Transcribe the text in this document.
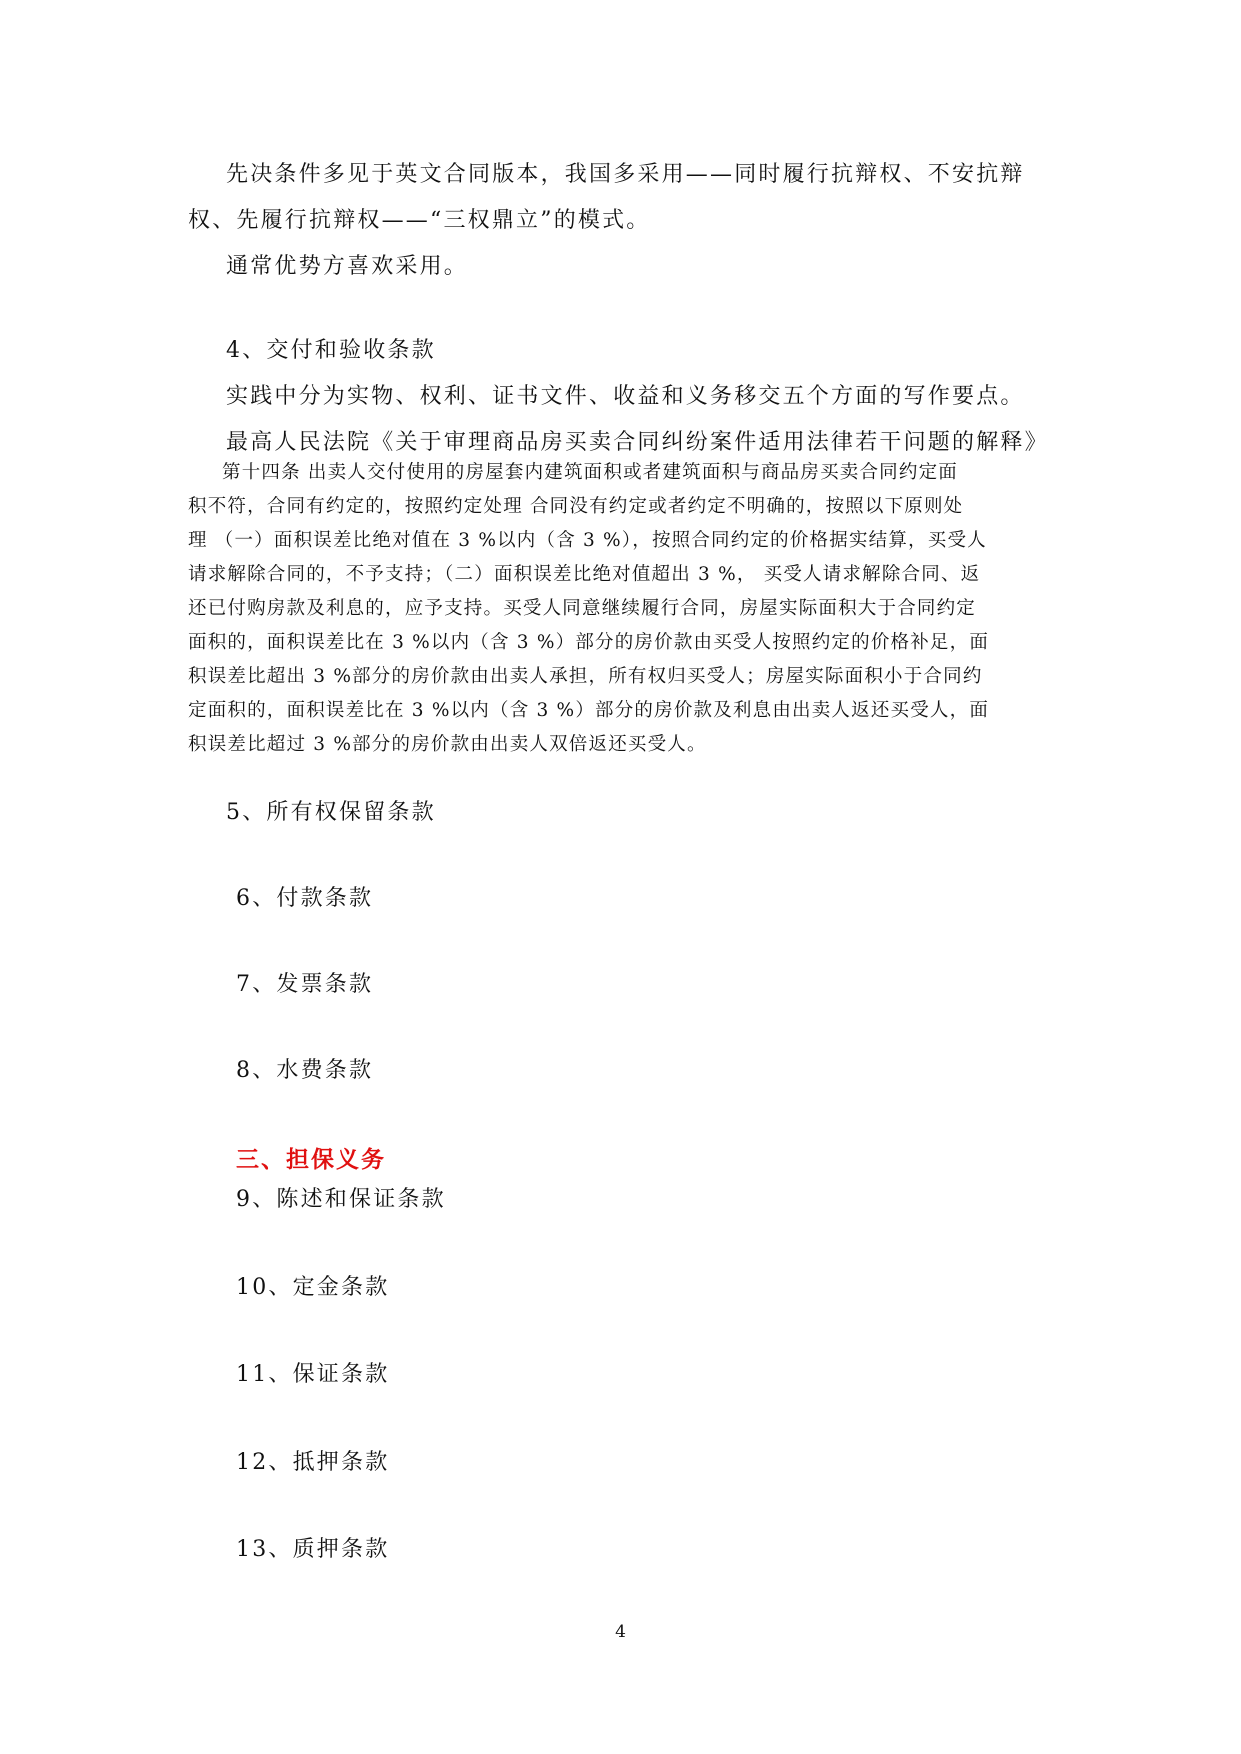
先决条件多见于英文合同版本，我国多采用——同时履行抗辩权、不安抗辩
权、先履行抗辩权——“三权鼎立”的模式。
通常优势方喜欢采用。
4、交付和验收条款
实践中分为实物、权利、证书文件、收益和义务移交五个方面的写作要点。
最高人民法院《关于审理商品房买卖合同纠纷案件适用法律若干问题的解释》
第十四条 出卖人交付使用的房屋套内建筑面积或者建筑面积与商品房买卖合同约定面
积不符，合同有约定的，按照约定处理 合同没有约定或者约定不明确的，按照以下原则处
理 （一）面积误差比绝对值在 3 %以内（含 3 %），按照合同约定的价格据实结算，买受人
请求解除合同的，不予支持；（二）面积误差比绝对值超出 3 %， 买受人请求解除合同、返
还已付购房款及利息的，应予支持。买受人同意继续履行合同，房屋实际面积大于合同约定
面积的，面积误差比在 3 %以内（含 3 %）部分的房价款由买受人按照约定的价格补足，面
积误差比超出 3 %部分的房价款由出卖人承担，所有权归买受人；房屋实际面积小于合同约
定面积的，面积误差比在 3 %以内（含 3 %）部分的房价款及利息由出卖人返还买受人，面
积误差比超过 3 %部分的房价款由出卖人双倍返还买受人。
5、所有权保留条款
6、付款条款
7、发票条款
8、水费条款
三、担保义务
9、陈述和保证条款
10、定金条款
11、保证条款
12、抵押条款
13、质押条款
4
